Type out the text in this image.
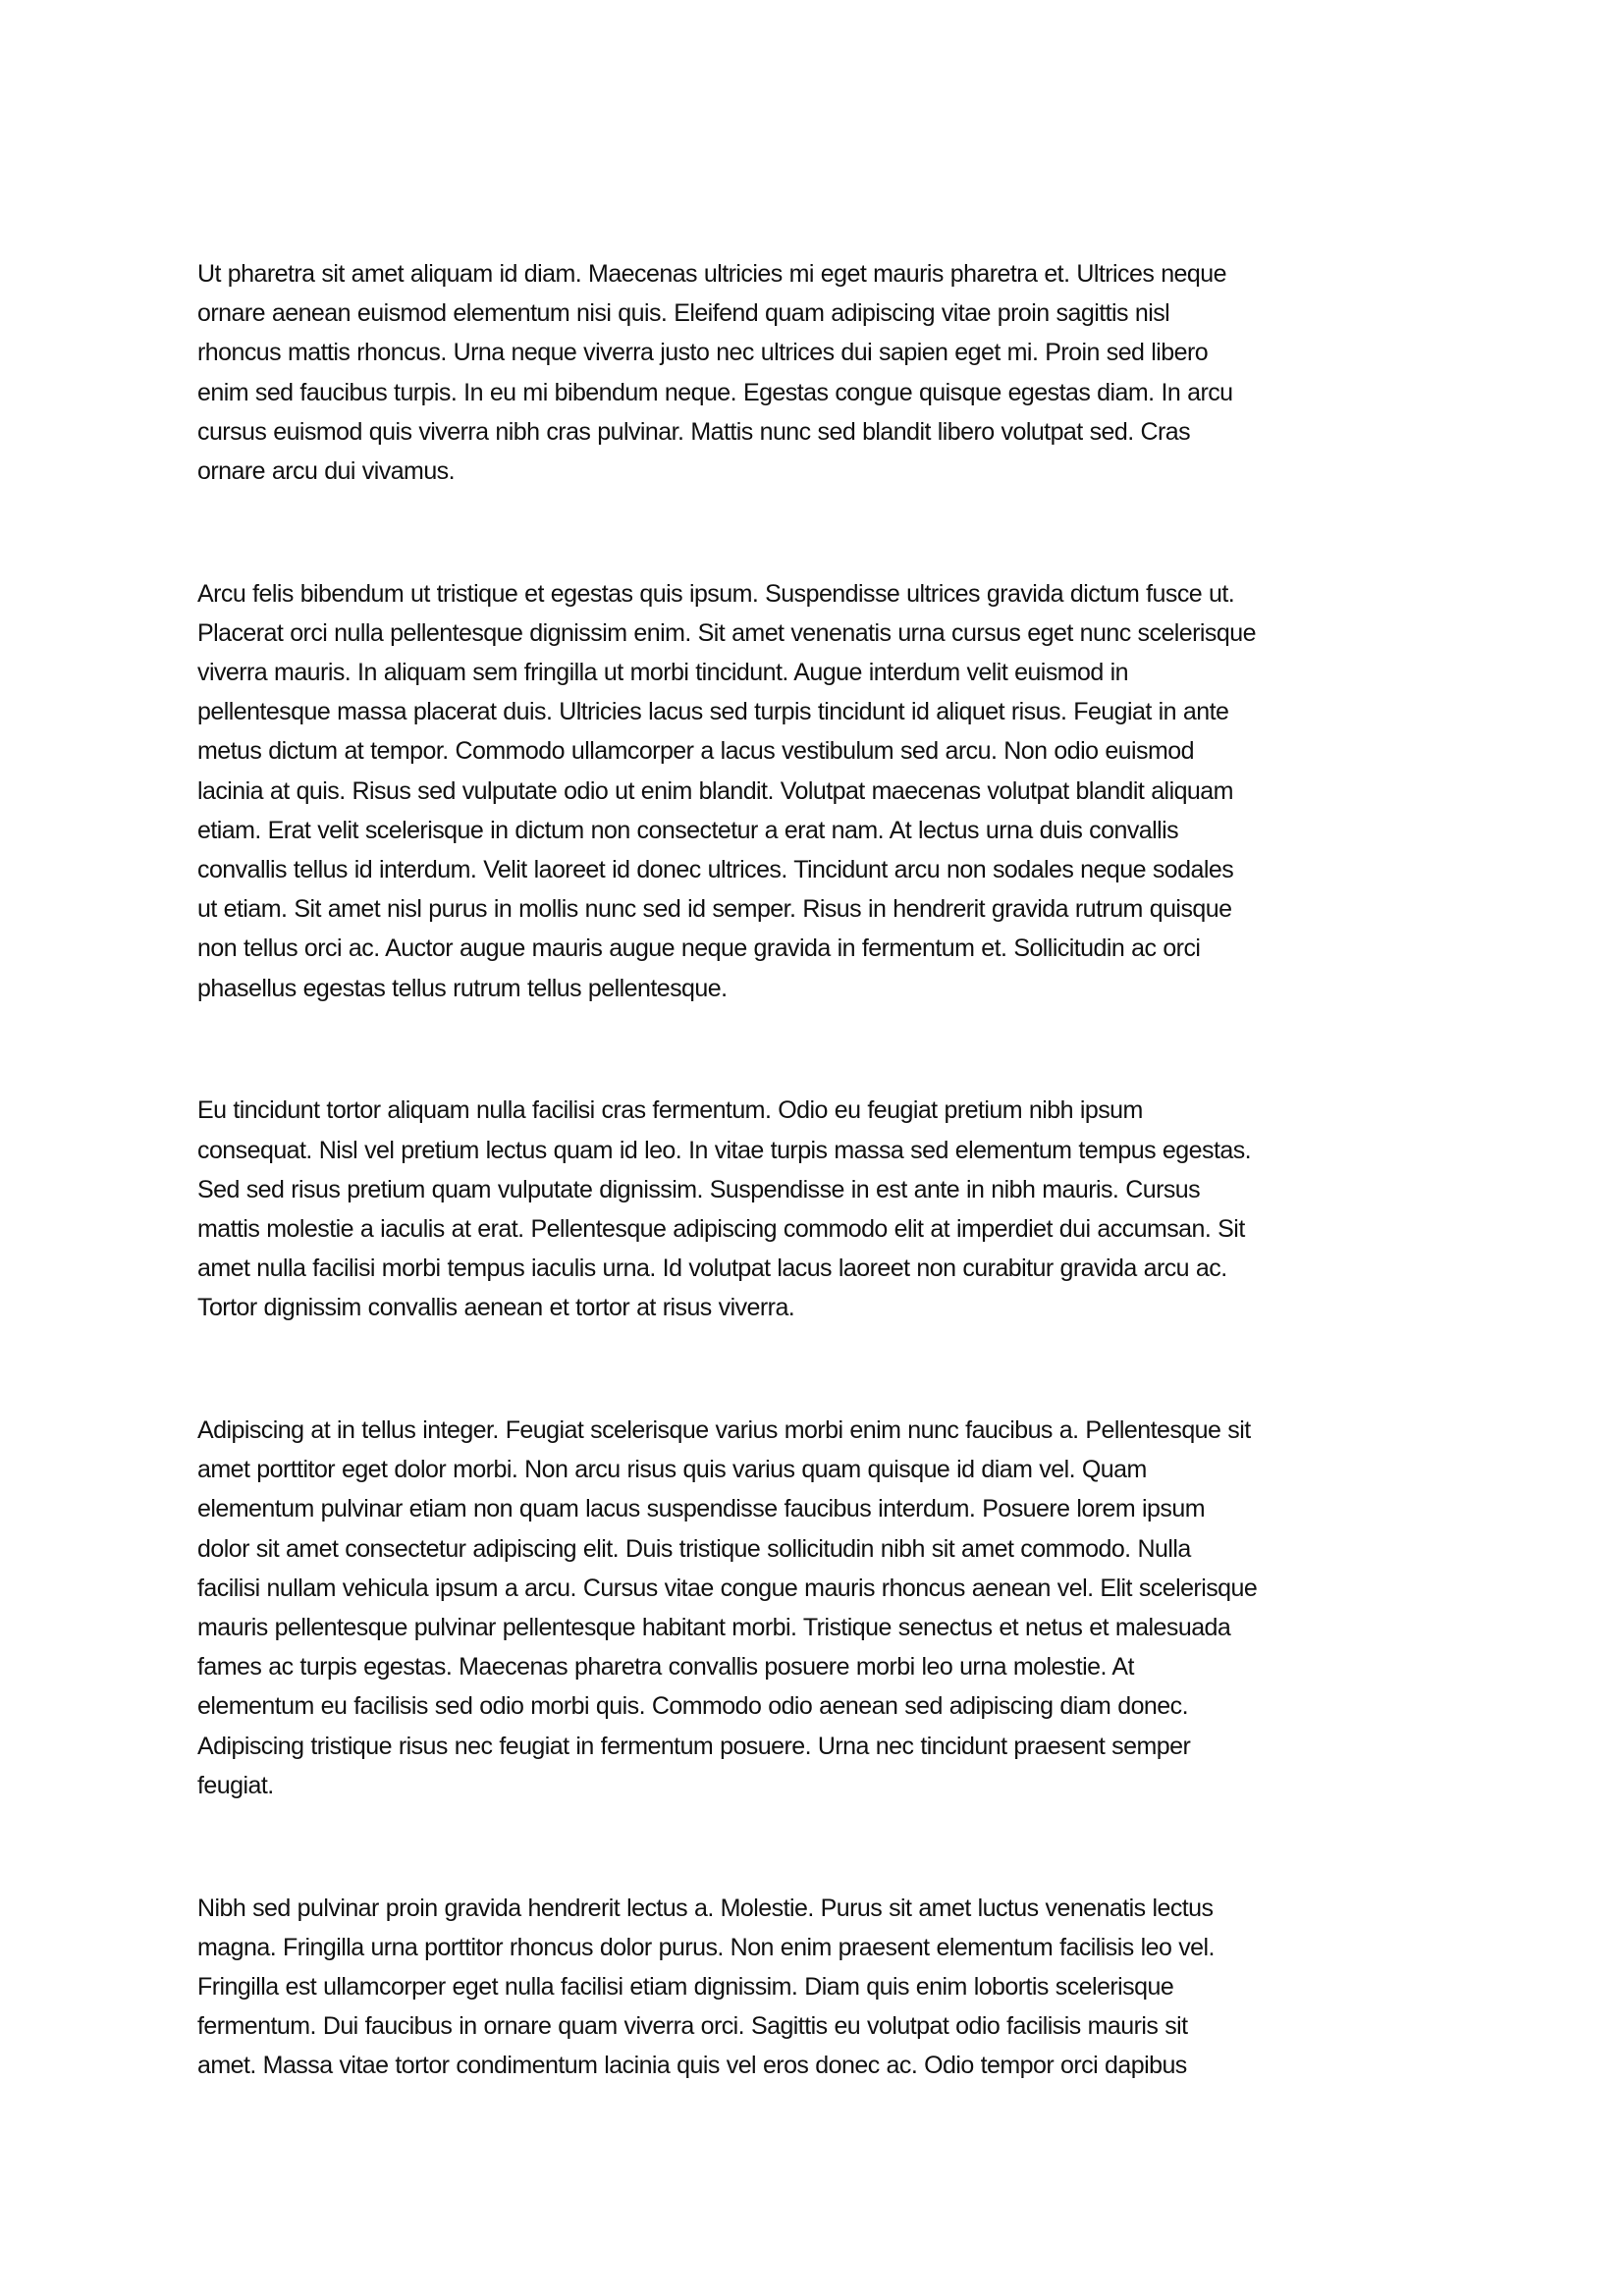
Ut pharetra sit amet aliquam id diam. Maecenas ultricies mi eget mauris pharetra et. Ultrices neque
ornare aenean euismod elementum nisi quis. Eleifend quam adipiscing vitae proin sagittis nisl
rhoncus mattis rhoncus. Urna neque viverra justo nec ultrices dui sapien eget mi. Proin sed libero
enim sed faucibus turpis. In eu mi bibendum neque. Egestas congue quisque egestas diam. In arcu
cursus euismod quis viverra nibh cras pulvinar. Mattis nunc sed blandit libero volutpat sed. Cras
ornare arcu dui vivamus.

Arcu felis bibendum ut tristique et egestas quis ipsum. Suspendisse ultrices gravida dictum fusce ut.
Placerat orci nulla pellentesque dignissim enim. Sit amet venenatis urna cursus eget nunc scelerisque
viverra mauris. In aliquam sem fringilla ut morbi tincidunt. Augue interdum velit euismod in
pellentesque massa placerat duis. Ultricies lacus sed turpis tincidunt id aliquet risus. Feugiat in ante
metus dictum at tempor. Commodo ullamcorper a lacus vestibulum sed arcu. Non odio euismod
lacinia at quis. Risus sed vulputate odio ut enim blandit. Volutpat maecenas volutpat blandit aliquam
etiam. Erat velit scelerisque in dictum non consectetur a erat nam. At lectus urna duis convallis
convallis tellus id interdum. Velit laoreet id donec ultrices. Tincidunt arcu non sodales neque sodales
ut etiam. Sit amet nisl purus in mollis nunc sed id semper. Risus in hendrerit gravida rutrum quisque
non tellus orci ac. Auctor augue mauris augue neque gravida in fermentum et. Sollicitudin ac orci
phasellus egestas tellus rutrum tellus pellentesque.

Eu tincidunt tortor aliquam nulla facilisi cras fermentum. Odio eu feugiat pretium nibh ipsum
consequat. Nisl vel pretium lectus quam id leo. In vitae turpis massa sed elementum tempus egestas.
Sed sed risus pretium quam vulputate dignissim. Suspendisse in est ante in nibh mauris. Cursus
mattis molestie a iaculis at erat. Pellentesque adipiscing commodo elit at imperdiet dui accumsan. Sit
amet nulla facilisi morbi tempus iaculis urna. Id volutpat lacus laoreet non curabitur gravida arcu ac.
Tortor dignissim convallis aenean et tortor at risus viverra.

Adipiscing at in tellus integer. Feugiat scelerisque varius morbi enim nunc faucibus a. Pellentesque sit
amet porttitor eget dolor morbi. Non arcu risus quis varius quam quisque id diam vel. Quam
elementum pulvinar etiam non quam lacus suspendisse faucibus interdum. Posuere lorem ipsum
dolor sit amet consectetur adipiscing elit. Duis tristique sollicitudin nibh sit amet commodo. Nulla
facilisi nullam vehicula ipsum a arcu. Cursus vitae congue mauris rhoncus aenean vel. Elit scelerisque
mauris pellentesque pulvinar pellentesque habitant morbi. Tristique senectus et netus et malesuada
fames ac turpis egestas. Maecenas pharetra convallis posuere morbi leo urna molestie. At
elementum eu facilisis sed odio morbi quis. Commodo odio aenean sed adipiscing diam donec.
Adipiscing tristique risus nec feugiat in fermentum posuere. Urna nec tincidunt praesent semper
feugiat.

Nibh sed pulvinar proin gravida hendrerit lectus a. Molestie. Purus sit amet luctus venenatis lectus
magna. Fringilla urna porttitor rhoncus dolor purus. Non enim praesent elementum facilisis leo vel.
Fringilla est ullamcorper eget nulla facilisi etiam dignissim. Diam quis enim lobortis scelerisque
fermentum. Dui faucibus in ornare quam viverra orci. Sagittis eu volutpat odio facilisis mauris sit
amet. Massa vitae tortor condimentum lacinia quis vel eros donec ac. Odio tempor orci dapibus
